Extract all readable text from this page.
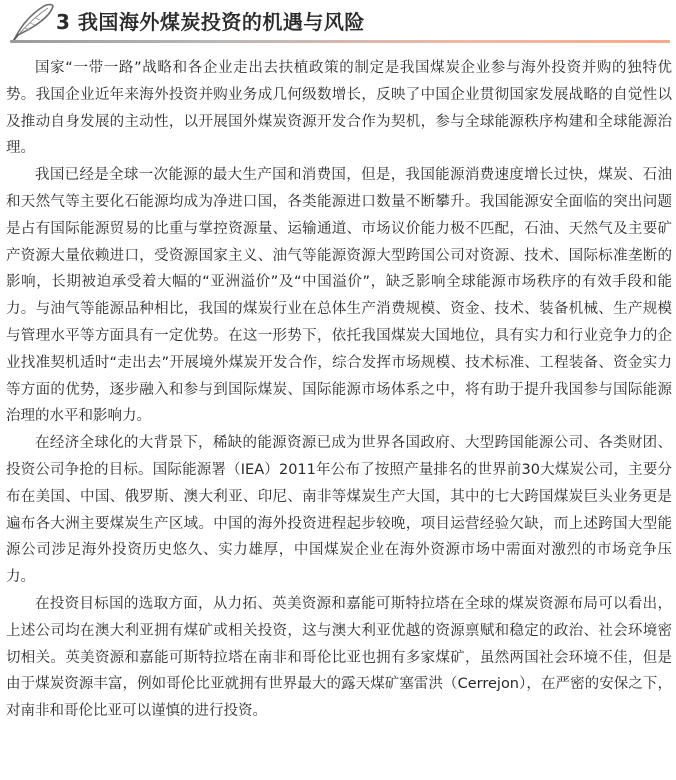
3 我国海外煤炭投资的机遇与风险

国家“一带一路”战略和各企业走出去扶植政策的制定是我国煤炭企业参与海外投资并购的独特优势。我国企业近年来海外投资并购业务成几何级数增长，反映了中国企业贯彻国家发展战略的自觉性以及推动自身发展的主动性，以开展国外煤炭资源开发合作为契机，参与全球能源秩序构建和全球能源治理。

我国已经是全球一次能源的最大生产国和消费国，但是，我国能源消费速度增长过快，煤炭、石油和天然气等主要化石能源均成为净进口国，各类能源进口数量不断攀升。我国能源安全面临的突出问题是占有国际能源贸易的比重与掌控资源量、运输通道、市场议价能力极不匹配，石油、天然气及主要矿产资源大量依赖进口，受资源国家主义、油气等能源资源大型跨国公司对资源、技术、国际标准垄断的影响，长期被迫承受着大幅的“亚洲溢价”及“中国溢价”，缺乏影响全球能源市场秩序的有效手段和能力。与油气等能源品种相比，我国的煤炭行业在总体生产消费规模、资金、技术、装备机械、生产规模与管理水平等方面具有一定优势。在这一形势下，依托我国煤炭大国地位，具有实力和行业竞争力的企业找准契机适时“走出去”开展境外煤炭开发合作，综合发挥市场规模、技术标准、工程装备、资金实力等方面的优势，逐步融入和参与到国际煤炭、国际能源市场体系之中，将有助于提升我国参与国际能源治理的水平和影响力。

在经济全球化的大背景下，稀缺的能源资源已成为世界各国政府、大型跨国能源公司、各类财团、投资公司争抢的目标。国际能源署（IEA）2011年公布了按照产量排名的世界前30大煤炭公司，主要分布在美国、中国、俄罗斯、澳大利亚、印尼、南非等煤炭生产大国，其中的七大跨国煤炭巨头业务更是遍布各大洲主要煤炭生产区域。中国的海外投资进程起步较晚，项目运营经验欠缺，而上述跨国大型能源公司涉足海外投资历史悠久、实力雄厚，中国煤炭企业在海外资源市场中需面对激烈的市场竞争压力。

在投资目标国的选取方面，从力拓、英美资源和嘉能可斯特拉塔在全球的煤炭资源布局可以看出，上述公司均在澳大利亚拥有煤矿或相关投资，这与澳大利亚优越的资源禀赋和稳定的政治、社会环境密切相关。英美资源和嘉能可斯特拉塔在南非和哥伦比亚也拥有多家煤矿，虽然两国社会环境不佳，但是由于煤炭资源丰富，例如哥伦比亚就拥有世界最大的露天煤矿塞雷洪（Cerrejon），在严密的安保之下，对南非和哥伦比亚可以谨慎的进行投资。
